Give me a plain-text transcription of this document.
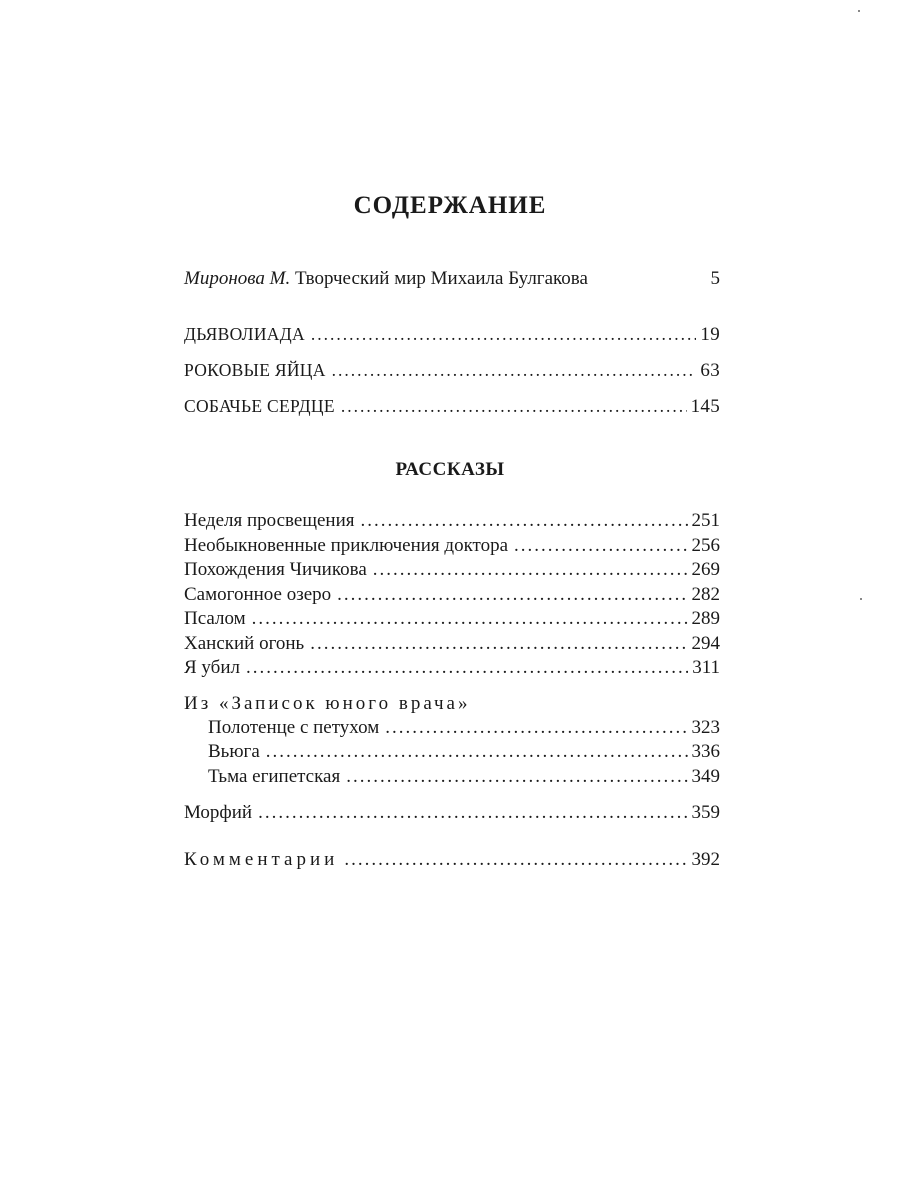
СОДЕРЖАНИЕ
Миронова М. Творческий мир Михаила Булгакова	5
ДЬЯВОЛИАДА .....	19
РОКОВЫЕ ЯЙЦА .....	63
СОБАЧЬЕ СЕРДЦЕ .....	145
РАССКАЗЫ
Неделя просвещения .....	251
Необыкновенные приключения доктора .....	256
Похождения Чичикова .....	269
Самогонное озеро .....	282
Псалом .....	289
Ханский огонь .....	294
Я убил .....	311
Из «Записок юного врача»
Полотенце с петухом .....	323
Вьюга .....	336
Тьма египетская .....	349
Морфий .....	359
Комментарии .....	392
